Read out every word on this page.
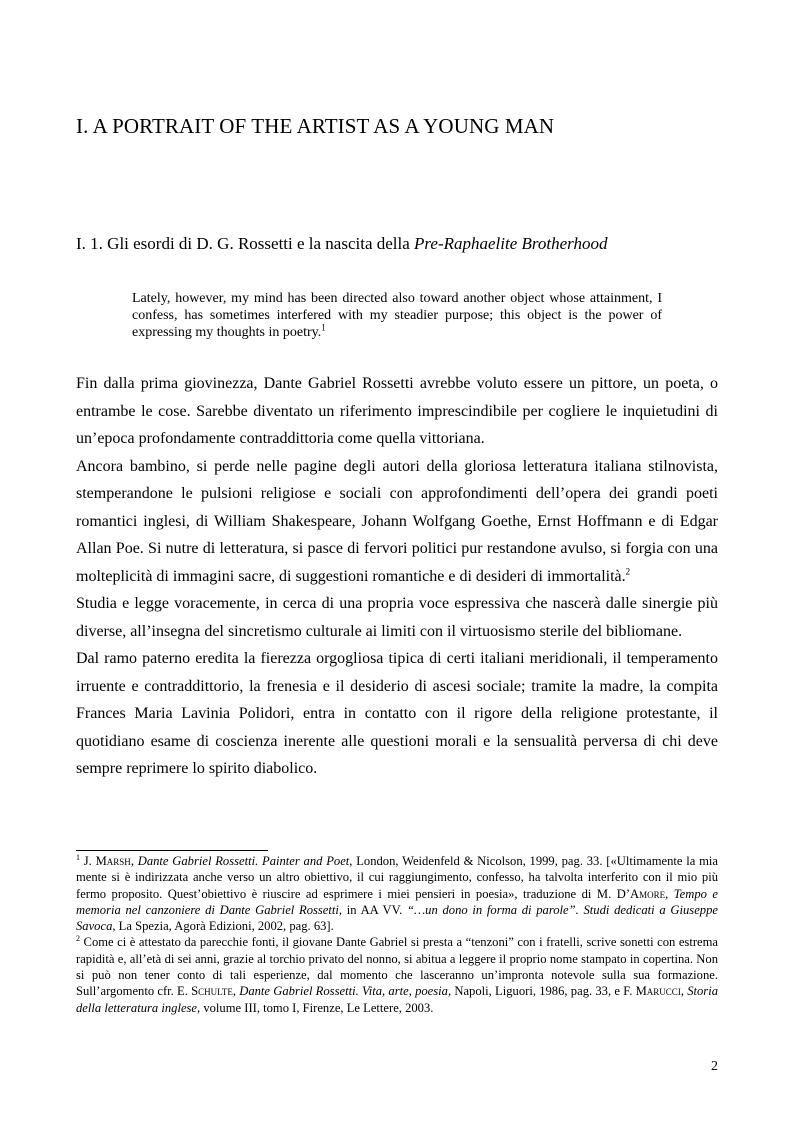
I. A PORTRAIT OF THE ARTIST AS A YOUNG MAN
I. 1. Gli esordi di D. G. Rossetti e la nascita della Pre-Raphaelite Brotherhood

Lately, however, my mind has been directed also toward another object whose attainment, I confess, has sometimes interfered with my steadier purpose; this object is the power of expressing my thoughts in poetry.$^1$

Fin dalla prima giovinezza, Dante Gabriel Rossetti avrebbe voluto essere un pittore, un poeta, o entrambe le cose. Sarebbe diventato un riferimento imprescindibile per cogliere le inquietudini di un’epoca profondamente contraddittoria come quella vittoriana.

Ancora bambino, si perde nelle pagine degli autori della gloriosa letteratura italiana stilnovista, stemperandone le pulsioni religiose e sociali con approfondimenti dell’opera dei grandi poeti romantici inglesi, di William Shakespeare, Johann Wolfgang Goethe, Ernst Hoffmann e di Edgar Allan Poe. Si nutre di letteratura, si pasce di fervori politici pur restandone avulso, si forgia con una molteplicità di immagini sacre, di suggestioni romantiche e di desideri di immortalità.$^2$

Studia e legge voracemente, in cerca di una propria voce espressiva che nascerà dalle sinergie più diverse, all’insegna del sincretismo culturale ai limiti con il virtuosismo sterile del bibliomane.

Dal ramo paterno eredita la fierezza orgogliosa tipica di certi italiani meridionali, il temperamento irruente e contraddittorio, la frenesia e il desiderio di ascesi sociale; tramite la madre, la compita Frances Maria Lavinia Polidori, entra in contatto con il rigore della religione protestante, il quotidiano esame di coscienza inerente alle questioni morali e la sensualità perversa di chi deve sempre reprimere lo spirito diabolico.

$^1$ J. Marsh, Dante Gabriel Rossetti. Painter and Poet, London, Weidenfeld & Nicolson, 1999, pag. 33. [«Ultimamente la mia mente si è indirizzata anche verso un altro obiettivo, il cui raggiungimento, confesso, ha talvolta interferito con il mio più fermo proposito. Quest’obiettivo è riuscire ad esprimere i miei pensieri in poesia», traduzione di M. D’Amore, Tempo e memoria nel canzoniere di Dante Gabriel Rossetti, in AA VV. “…un dono in forma di parole”. Studi dedicati a Giuseppe Savoca, La Spezia, Agorà Edizioni, 2002, pag. 63].

$^2$ Come ci è attestato da parecchie fonti, il giovane Dante Gabriel si presta a “tenzoni” con i fratelli, scrive sonetti con estrema rapidità e, all’età di sei anni, grazie al torchio privato del nonno, si abitua a leggere il proprio nome stampato in copertina. Non si può non tener conto di tali esperienze, dal momento che lasceranno un’impronta notevole sulla sua formazione. Sull’argomento cfr. E. Schulte, Dante Gabriel Rossetti. Vita, arte, poesia, Napoli, Liguori, 1986, pag. 33, e F. Marucci, Storia della letteratura inglese, volume III, tomo I, Firenze, Le Lettere, 2003.

2
